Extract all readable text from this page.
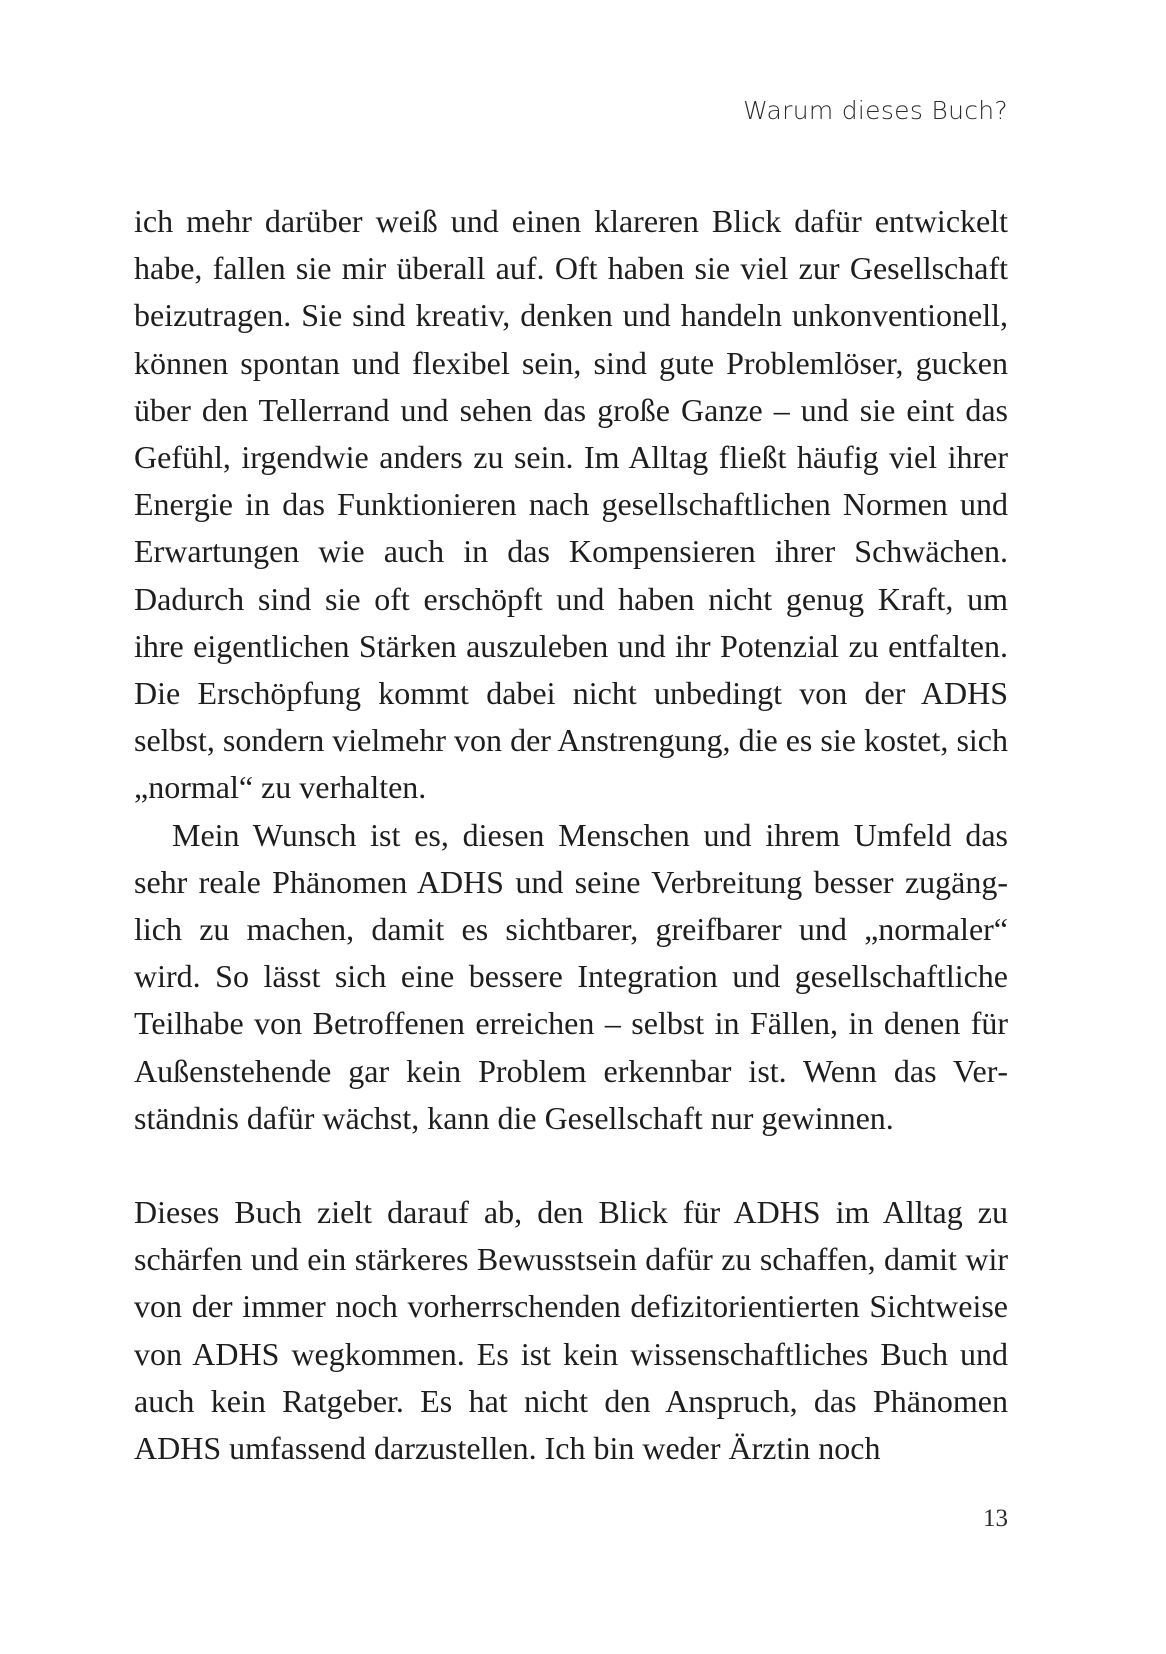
Warum dieses Buch?

ich mehr darüber weiß und einen klareren Blick dafür entwickelt habe, fallen sie mir überall auf. Oft haben sie viel zur Gesellschaft beizutragen. Sie sind kreativ, denken und handeln unkonventionell, können spontan und flexibel sein, sind gute Problemlöser, gucken über den Tellerrand und sehen das große Ganze – und sie eint das Gefühl, irgendwie anders zu sein. Im Alltag fließt häufig viel ihrer Energie in das Funktionieren nach gesellschaftlichen Normen und Erwartungen wie auch in das Kompensieren ihrer Schwächen. Dadurch sind sie oft erschöpft und haben nicht genug Kraft, um ihre eigentlichen Stärken auszuleben und ihr Potenzial zu entfalten. Die Erschöpfung kommt dabei nicht unbedingt von der ADHS selbst, sondern vielmehr von der Anstrengung, die es sie kostet, sich „normal“ zu verhalten.

Mein Wunsch ist es, diesen Menschen und ihrem Umfeld das sehr reale Phänomen ADHS und seine Verbreitung besser zugänglich zu machen, damit es sichtbarer, greifbarer und „normaler“ wird. So lässt sich eine bessere Integration und gesellschaftliche Teilhabe von Betroffenen erreichen – selbst in Fällen, in denen für Außenstehende gar kein Problem erkennbar ist. Wenn das Verständnis dafür wächst, kann die Gesellschaft nur gewinnen.

Dieses Buch zielt darauf ab, den Blick für ADHS im Alltag zu schärfen und ein stärkeres Bewusstsein dafür zu schaffen, damit wir von der immer noch vorherrschenden defizitorientierten Sichtweise von ADHS wegkommen. Es ist kein wissenschaftliches Buch und auch kein Ratgeber. Es hat nicht den Anspruch, das Phänomen ADHS umfassend darzustellen. Ich bin weder Ärztin noch

13
